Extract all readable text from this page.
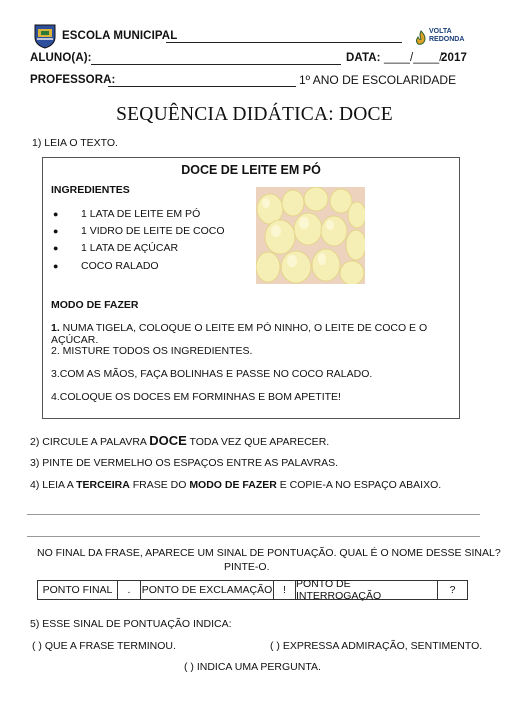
ESCOLA MUNICIPAL	VOLTA
REDONDA
ALUNO(A):	DATA: ____/____/
2017
PROFESSORA:	1º ANO DE ESCOLARIDADE
SEQUÊNCIA DIDÁTICA: DOCE
1) LEIA O TEXTO.
DOCE DE LEITE EM PÓ
INGREDIENTES
● 1 LATA DE LEITE EM PÓ
● 1 VIDRO DE LEITE DE COCO
● 1 LATA DE AÇÚCAR
● COCO RALADO
MODO DE FAZER
1. NUMA TIGELA, COLOQUE O LEITE EM PÓ NINHO, O LEITE DE COCO E O AÇÚCAR.
2. MISTURE TODOS OS INGREDIENTES.
3.COM AS MÃOS, FAÇA BOLINHAS E PASSE NO COCO RALADO.
4.COLOQUE OS DOCES EM FORMINHAS E BOM APETITE!
2) CIRCULE A PALAVRA DOCE TODA VEZ QUE APARECER.
3) PINTE DE VERMELHO OS ESPAÇOS ENTRE AS PALAVRAS.
4) LEIA A TERCEIRA FRASE DO MODO DE FAZER E COPIE-A NO ESPAÇO ABAIXO.
NO FINAL DA FRASE, APARECE UM SINAL DE PONTUAÇÃO. QUAL É O NOME DESSE SINAL?
PINTE-O.
PONTO FINAL	.	PONTO DE EXCLAMAÇÃO	! PONTO DE INTERROGAÇÃO	?
5) ESSE SINAL DE PONTUAÇÃO INDICA:
( ) QUE A FRASE TERMINOU.	( ) EXPRESSA ADMIRAÇÃO, SENTIMENTO.
( ) INDICA UMA PERGUNTA.
